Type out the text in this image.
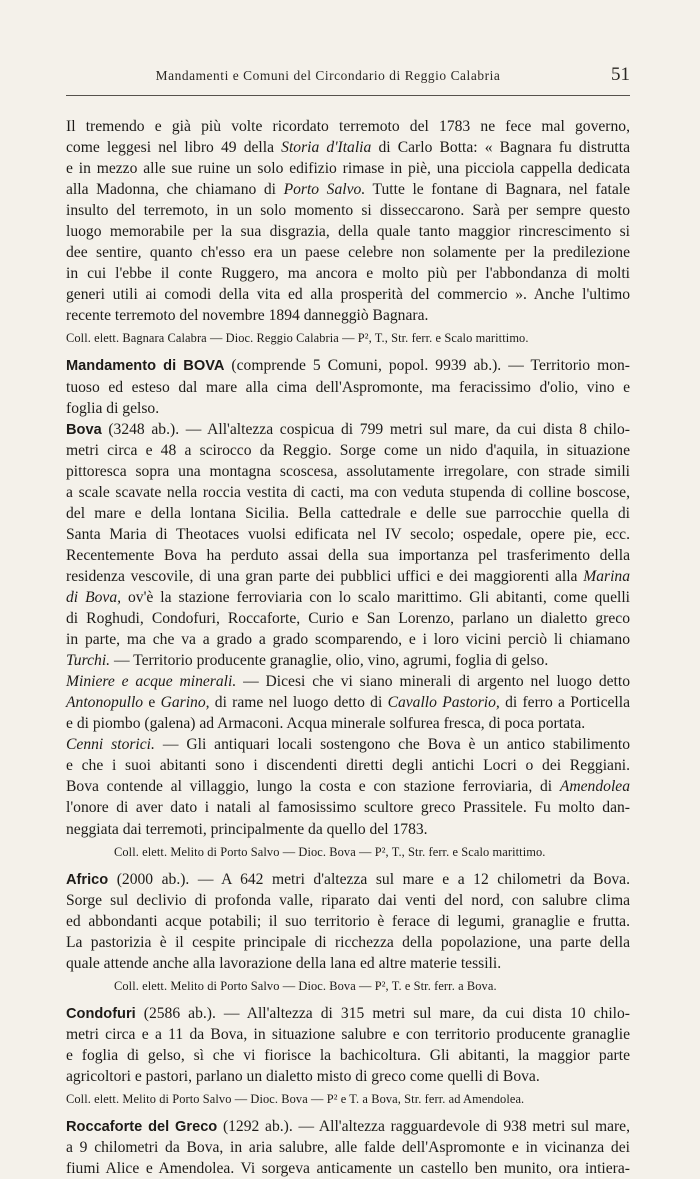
Mandamenti e Comuni del Circondario di Reggio Calabria	51
Il tremendo e già più volte ricordato terremoto del 1783 ne fece mal governo,
come leggesi nel libro 49 della Storia d'Italia di Carlo Botta: « Bagnara fu distrutta
e in mezzo alle sue ruine un solo edifizio rimase in piè, una picciola cappella dedicata
alla Madonna, che chiamano di Porto Salvo. Tutte le fontane di Bagnara, nel fatale
insulto del terremoto, in un solo momento si disseccarono. Sarà per sempre questo
luogo memorabile per la sua disgrazia, della quale tanto maggior rincrescimento si
dee sentire, quanto ch'esso era un paese celebre non solamente per la predilezione
in cui l'ebbe il conte Ruggero, ma ancora e molto più per l'abbondanza di molti
generi utili ai comodi della vita ed alla prosperità del commercio ». Anche l'ultimo
recente terremoto del novembre 1894 danneggiò Bagnara.
Coll. elett. Bagnara Calabra — Dioc. Reggio Calabria — P², T., Str. ferr. e Scalo marittimo.
Mandamento di BOVA (comprende 5 Comuni, popol. 9939 ab.). — Territorio mon-
tuoso ed esteso dal mare alla cima dell'Aspromonte, ma feracissimo d'olio, vino e
foglia di gelso.
Bova (3248 ab.). — All'altezza cospicua di 799 metri sul mare, da cui dista 8 chilo-
metri circa e 48 a scirocco da Reggio. Sorge come un nido d'aquila, in situazione
pittoresca sopra una montagna scoscesa, assolutamente irregolare, con strade simili
a scale scavate nella roccia vestita di cacti, ma con veduta stupenda di colline boscose,
del mare e della lontana Sicilia. Bella cattedrale e delle sue parrocchie quella di
Santa Maria di Theotaces vuolsi edificata nel IV secolo; ospedale, opere pie, ecc.
Recentemente Bova ha perduto assai della sua importanza pel trasferimento della
residenza vescovile, di una gran parte dei pubblici uffici e dei maggiorenti alla Marina
di Bova, ov'è la stazione ferroviaria con lo scalo marittimo. Gli abitanti, come quelli
di Roghudi, Condofuri, Roccaforte, Curio e San Lorenzo, parlano un dialetto greco
in parte, ma che va a grado a grado scomparendo, e i loro vicini perciò li chiamano
Turchi. — Territorio producente granaglie, olio, vino, agrumi, foglia di gelso.
Miniere e acque minerali. — Dicesi che vi siano minerali di argento nel luogo detto
Antonopullo e Garino, di rame nel luogo detto di Cavallo Pastorio, di ferro a Porticella
e di piombo (galena) ad Armaconi. Acqua minerale solfurea fresca, di poca portata.
Cenni storici. — Gli antiquari locali sostengono che Bova è un antico stabilimento
e che i suoi abitanti sono i discendenti diretti degli antichi Locri o dei Reggiani.
Bova contende al villaggio, lungo la costa e con stazione ferroviaria, di Amendolea
l'onore di aver dato i natali al famosissimo scultore greco Prassitele. Fu molto dan-
neggiata dai terremoti, principalmente da quello del 1783.
Coll. elett. Melito di Porto Salvo — Dioc. Bova — P², T., Str. ferr. e Scalo marittimo.
Africo (2000 ab.). — A 642 metri d'altezza sul mare e a 12 chilometri da Bova.
Sorge sul declivio di profonda valle, riparato dai venti del nord, con salubre clima
ed abbondanti acque potabili; il suo territorio è ferace di legumi, granaglie e frutta.
La pastorizia è il cespite principale di ricchezza della popolazione, una parte della
quale attende anche alla lavorazione della lana ed altre materie tessili.
Coll. elett. Melito di Porto Salvo — Dioc. Bova — P², T. e Str. ferr. a Bova.
Condofuri (2586 ab.). — All'altezza di 315 metri sul mare, da cui dista 10 chilo-
metri circa e a 11 da Bova, in situazione salubre e con territorio producente granaglie
e foglia di gelso, sì che vi fiorisce la bachicoltura. Gli abitanti, la maggior parte
agricoltori e pastori, parlano un dialetto misto di greco come quelli di Bova.
Coll. elett. Melito di Porto Salvo — Dioc. Bova — P² e T. a Bova, Str. ferr. ad Amendolea.
Roccaforte del Greco (1292 ab.). — All'altezza ragguardevole di 938 metri sul mare,
a 9 chilometri da Bova, in aria salubre, alle falde dell'Aspromonte e in vicinanza dei
fiumi Alice e Amendolea. Vi sorgeva anticamente un castello ben munito, ora intiera-
